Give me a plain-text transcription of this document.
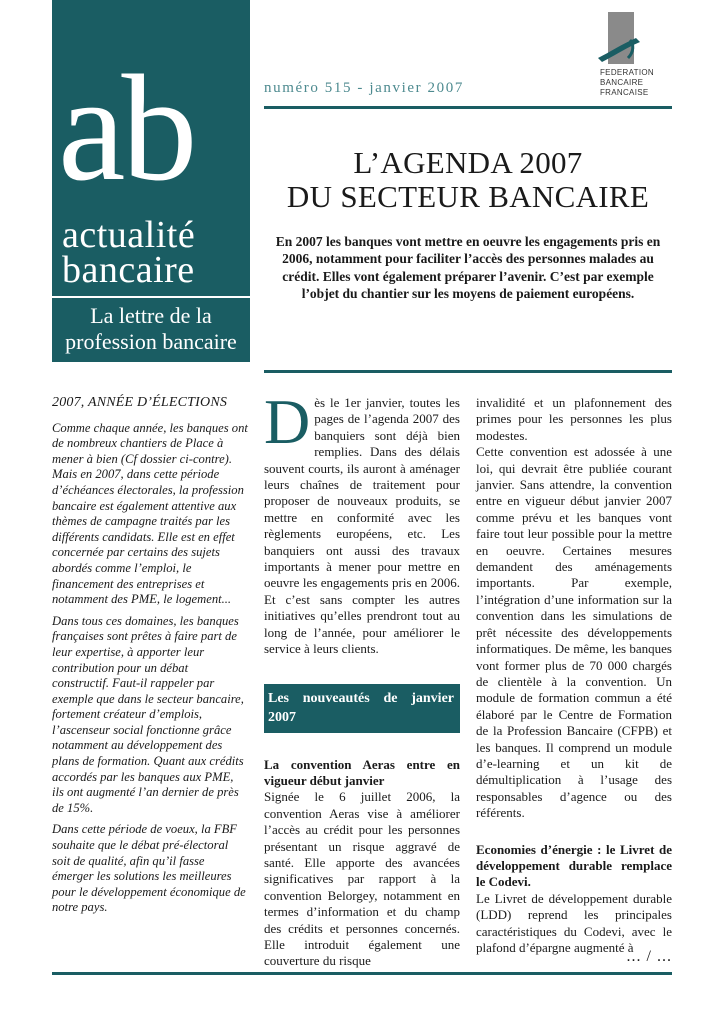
ab
actualité
bancaire
La lettre de la
profession bancaire
numéro 515 - janvier 2007
FEDERATION
BANCAIRE
FRANCAISE
L’AGENDA 2007
DU SECTEUR BANCAIRE
En 2007 les banques vont mettre en oeuvre les engagements pris en 2006, notamment pour faciliter l’accès des personnes malades au crédit. Elles vont également préparer l’avenir. C’est par exemple l’objet du chantier sur les moyens de paiement européens.
2007, ANNÉE D’ÉLECTIONS

Comme chaque année, les banques ont de nombreux chantiers de Place à mener à bien (Cf dossier ci-contre). Mais en 2007, dans cette période d’échéances électorales, la profession bancaire est également attentive aux thèmes de campagne traités par les différents candidats. Elle est en effet concernée par certains des sujets abordés comme l’emploi, le financement des entreprises et notamment des PME, le logement...

Dans tous ces domaines, les banques françaises sont prêtes à faire part de leur expertise, à apporter leur contribution pour un débat constructif. Faut-il rappeler par exemple que dans le secteur bancaire, fortement créateur d’emplois, l’ascenseur social fonctionne grâce notamment au développement des plans de formation. Quant aux crédits accordés par les banques aux PME, ils ont augmenté l’an dernier de près de 15%.

Dans cette période de voeux, la FBF souhaite que le débat pré-électoral soit de qualité, afin qu’il fasse émerger les solutions les meilleures pour le développement économique de notre pays.

Dès le 1er janvier, toutes les pages de l’agenda 2007 des banquiers sont déjà bien remplies. Dans des délais souvent courts, ils auront à aménager leurs chaînes de traitement pour proposer de nouveaux produits, se mettre en conformité avec les règlements européens, etc. Les banquiers ont aussi des travaux importants à mener pour mettre en oeuvre les engagements pris en 2006. Et c’est sans compter les autres initiatives qu’elles prendront tout au long de l’année, pour améliorer le service à leurs clients.

Les nouveautés de janvier 2007
La convention Aeras entre en vigueur début janvier

Signée le 6 juillet 2006, la convention Aeras vise à améliorer l’accès au crédit pour les personnes présentant un risque aggravé de santé. Elle apporte des avancées significatives par rapport à la convention Belorgey, notamment en termes d’information et du champ des crédits et personnes concernés. Elle introduit également une couverture du risque

invalidité et un plafonnement des primes pour les personnes les plus modestes.

Cette convention est adossée à une loi, qui devrait être publiée courant janvier. Sans attendre, la convention entre en vigueur début janvier 2007 comme prévu et les banques vont faire tout leur possible pour la mettre en oeuvre. Certaines mesures demandent des aménagements importants. Par exemple, l’intégration d’une information sur la convention dans les simulations de prêt nécessite des développements informatiques. De même, les banques vont former plus de 70 000 chargés de clientèle à la convention. Un module de formation commun a été élaboré par le Centre de Formation de la Profession Bancaire (CFPB) et les banques. Il comprend un module d’e-learning et un kit de démultiplication à l’usage des responsables d’agence ou des référents.

Economies d’énergie : le Livret de développement durable remplace le Codevi.

Le Livret de développement durable (LDD) reprend les principales caractéristiques du Codevi, avec le plafond d’épargne augmenté à

... / ...
